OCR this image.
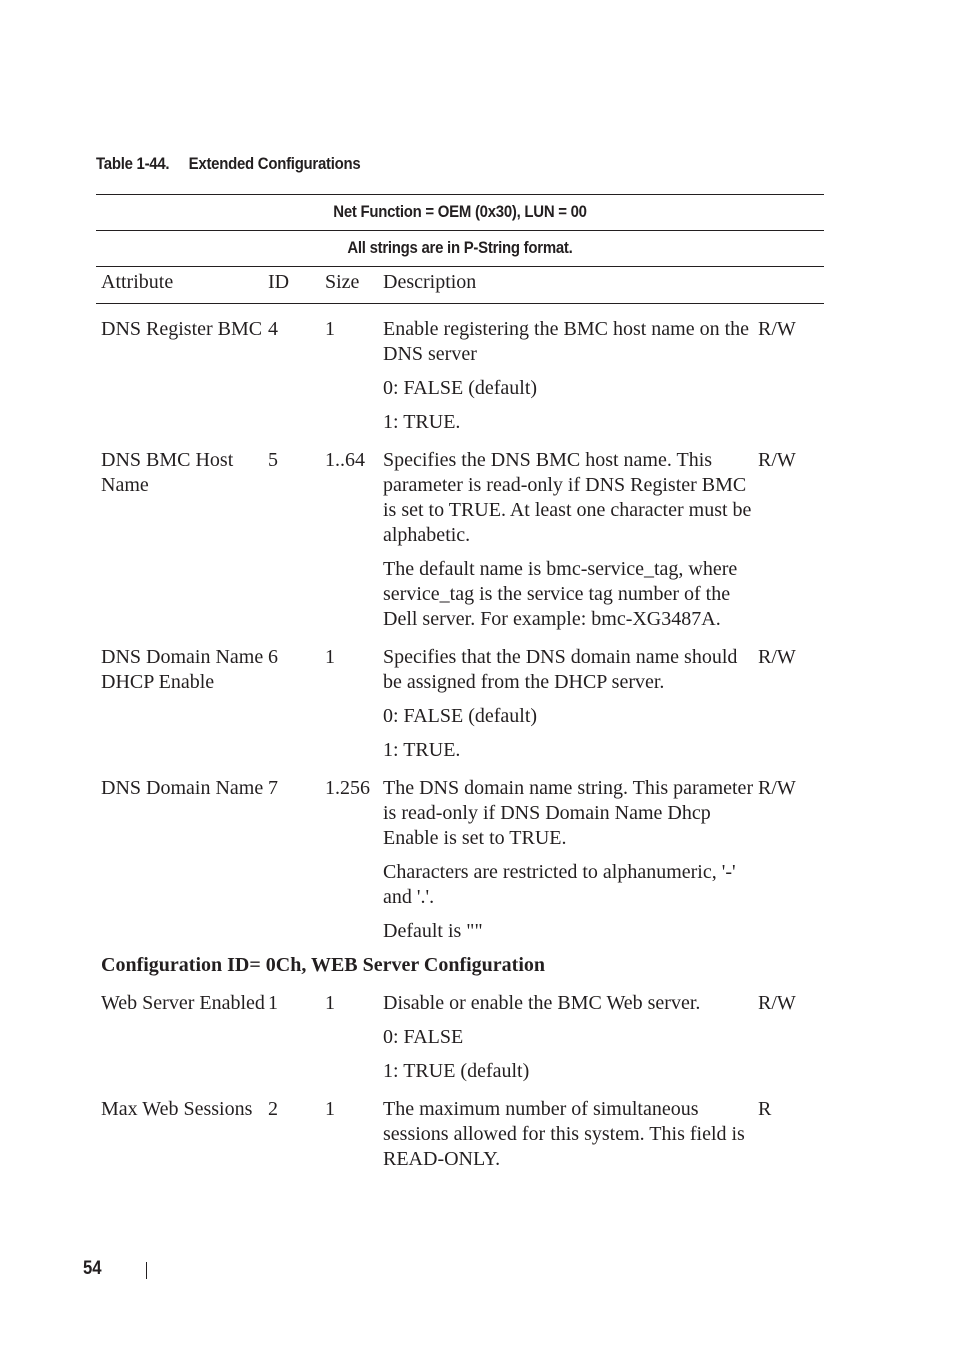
Table 1-44. Extended Configurations
Net Function = OEM (0x30), LUN = 00				
All strings are in P-String format.				
Attribute	ID	Size	Description	
DNS Register BMC	4	1	Enable registering the BMC host name on the DNS server

0: FALSE (default)

1: TRUE.	R/W
DNS BMC Host Name	5	1..64	Specifies the DNS BMC host name. This parameter is read-only if DNS Register BMC is set to TRUE. At least one character must be alphabetic.

The default name is bmc-service_tag, where service_tag is the service tag number of the Dell server. For example: bmc-XG3487A.	R/W
DNS Domain Name DHCP Enable	6	1	Specifies that the DNS domain name should be assigned from the DHCP server.

0: FALSE (default)

1: TRUE.	R/W
DNS Domain Name	7	1.256	The DNS domain name string. This parameter is read-only if DNS Domain Name Dhcp Enable is set to TRUE.

Characters are restricted to alphanumeric, '-' and '.'.

Default is ""	R/W
Configuration ID= 0Ch, WEB Server Configuration				
Web Server Enabled	1	1	Disable or enable the BMC Web server.

0: FALSE

1: TRUE (default)	R/W
Max Web Sessions	2	1	The maximum number of simultaneous sessions allowed for this system. This field is READ-ONLY.	R
54
